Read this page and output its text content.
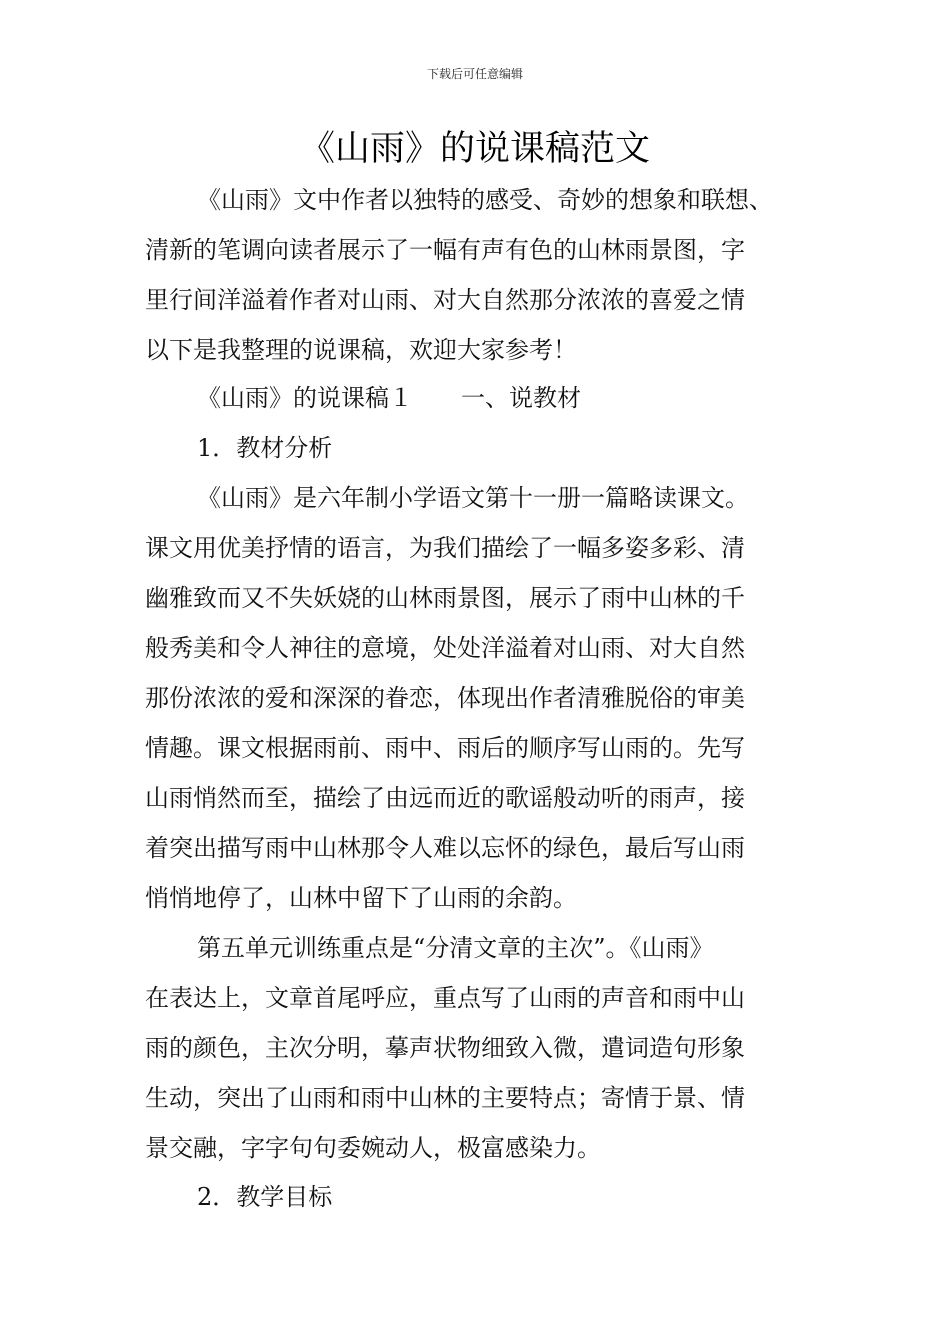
下载后可任意编辑
《山雨》的说课稿范文
《山雨》文中作者以独特的感受、奇妙的想象和联想、
清新的笔调向读者展示了一幅有声有色的山林雨景图，字
里行间洋溢着作者对山雨、对大自然那分浓浓的喜爱之情
以下是我整理的说课稿，欢迎大家参考！
《山雨》的说课稿１　　一、说教材
1．教材分析
《山雨》是六年制小学语文第十一册一篇略读课文。
课文用优美抒情的语言，为我们描绘了一幅多姿多彩、清
幽雅致而又不失妖娆的山林雨景图，展示了雨中山林的千
般秀美和令人神往的意境，处处洋溢着对山雨、对大自然
那份浓浓的爱和深深的眷恋，体现出作者清雅脱俗的审美
情趣。课文根据雨前、雨中、雨后的顺序写山雨的。先写
山雨悄然而至，描绘了由远而近的歌谣般动听的雨声，接
着突出描写雨中山林那令人难以忘怀的绿色，最后写山雨
悄悄地停了，山林中留下了山雨的余韵。
第五单元训练重点是“分清文章的主次”。《山雨》
在表达上，文章首尾呼应，重点写了山雨的声音和雨中山
雨的颜色，主次分明，摹声状物细致入微，遣词造句形象
生动，突出了山雨和雨中山林的主要特点；寄情于景、情
景交融，字字句句委婉动人，极富感染力。
2．教学目标
